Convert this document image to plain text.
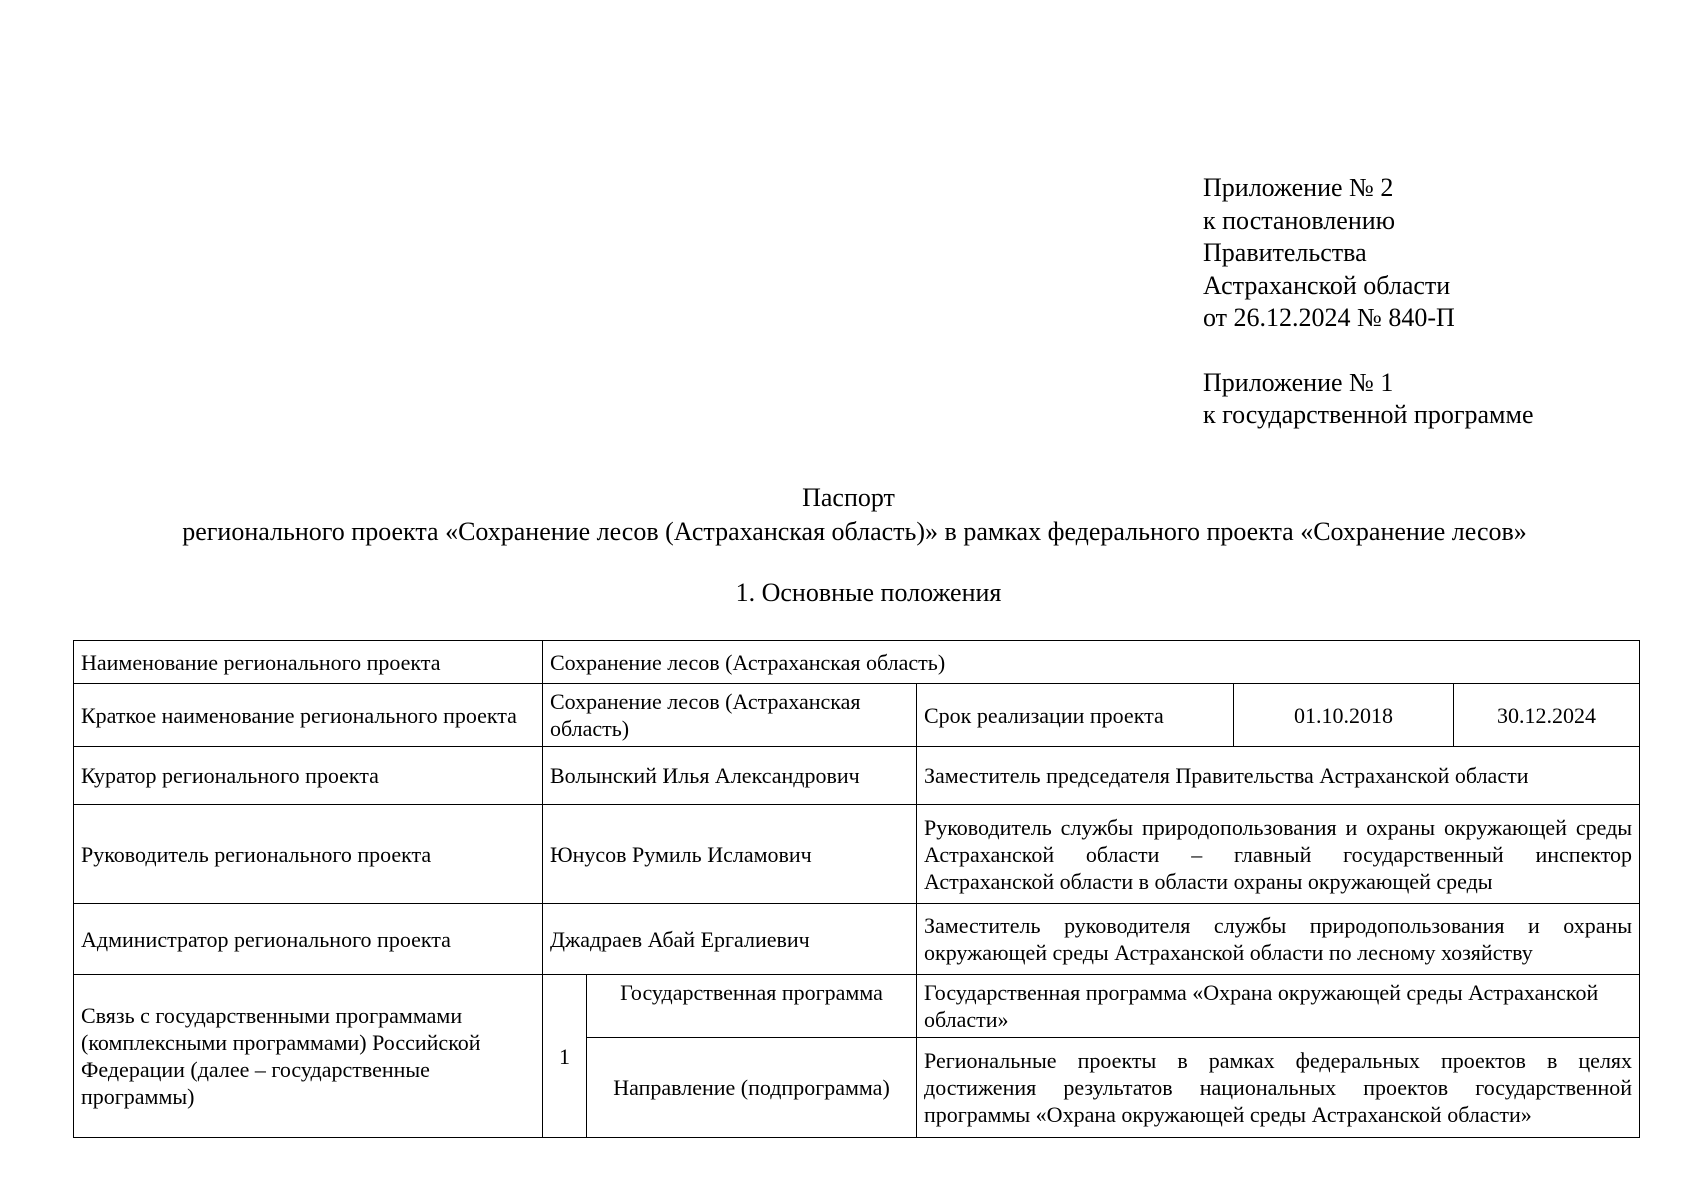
Приложение № 2

к постановлению

Правительства

Астраханской области

от 26.12.2024 № 840-П

Приложение № 1

к государственной программе

Паспорт
регионального проекта «Сохранение лесов (Астраханская область)» в рамках федерального проекта «Сохранение лесов»
1. Основные положения
Наименование регионального проекта	Сохранение лесов (Астраханская область)				
Краткое наименование регионального проекта	Сохранение лесов (Астраханская область)		Срок реализации проекта	01.10.2018	30.12.2024
Куратор регионального проекта	Волынский Илья Александрович		Заместитель председателя Правительства Астраханской области		
Руководитель регионального проекта	Юнусов Румиль Исламович		Руководитель службы природопользования и охраны окружающей среды Астраханской области – главный государственный инспектор Астраханской области в области охраны окружающей среды		
Администратор регионального проекта	Джадраев Абай Ергалиевич		Заместитель руководителя службы природопользования и охраны окружающей среды Астраханской области по лесному хозяйству		
Связь с государственными программами (комплексными программами) Российской Федерации (далее – государственные программы)	1	Государственная программа	Государственная программа «Охрана окружающей среды Астраханской области»		
		Направление (подпрограмма)	Региональные проекты в рамках федеральных проектов в целях достижения результатов национальных проектов государственной программы «Охрана окружающей среды Астраханской области»		
